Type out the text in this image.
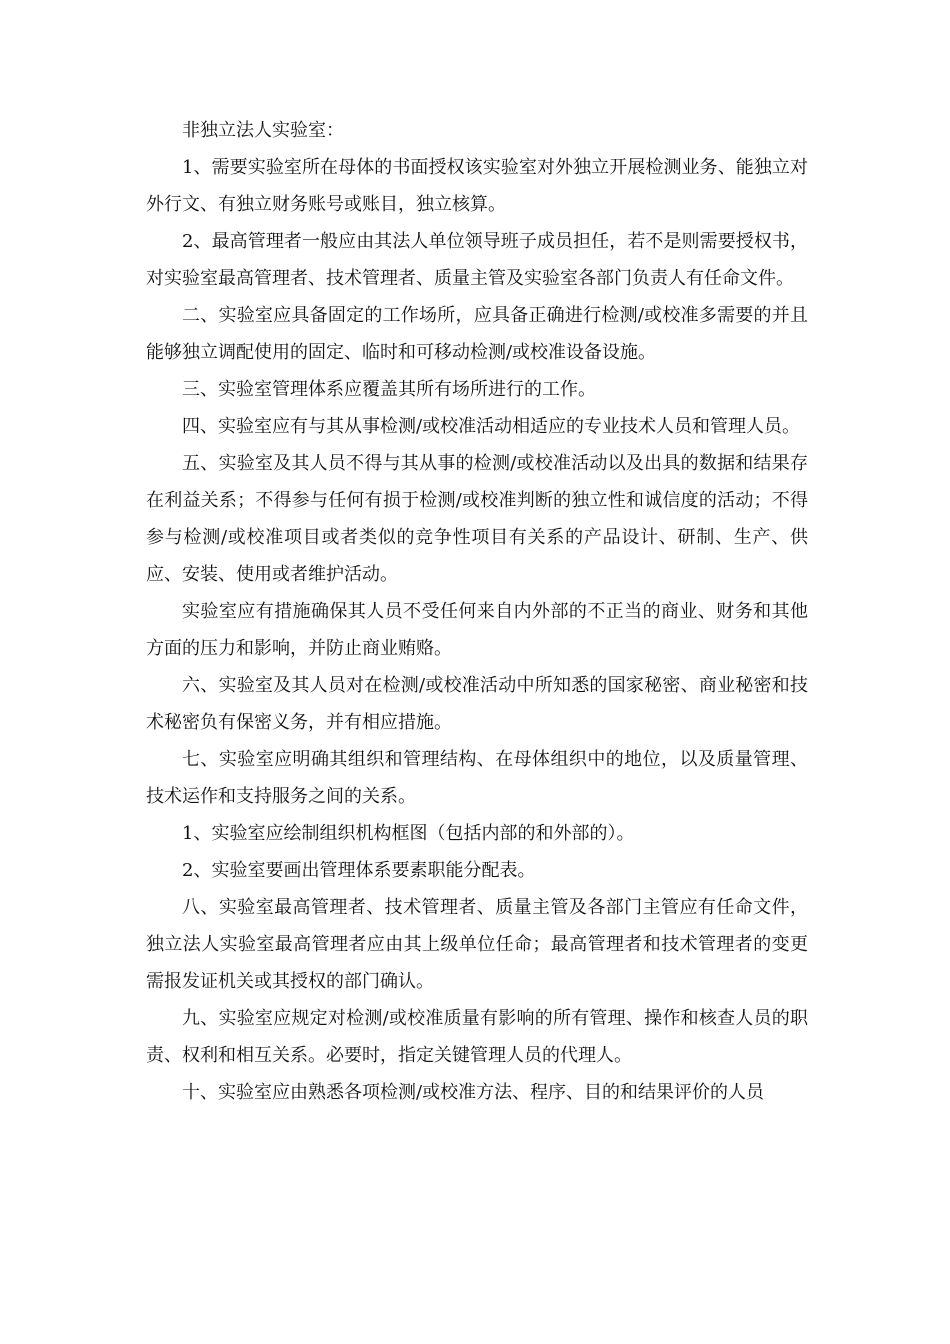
非独立法人实验室：

1、需要实验室所在母体的书面授权该实验室对外独立开展检测业务、能独立对外行文、有独立财务账号或账目，独立核算。

2、最高管理者一般应由其法人单位领导班子成员担任，若不是则需要授权书，对实验室最高管理者、技术管理者、质量主管及实验室各部门负责人有任命文件。

二、实验室应具备固定的工作场所，应具备正确进行检测/或校准多需要的并且能够独立调配使用的固定、临时和可移动检测/或校准设备设施。

三、实验室管理体系应覆盖其所有场所进行的工作。

四、实验室应有与其从事检测/或校准活动相适应的专业技术人员和管理人员。

五、实验室及其人员不得与其从事的检测/或校准活动以及出具的数据和结果存在利益关系；不得参与任何有损于检测/或校准判断的独立性和诚信度的活动；不得参与检测/或校准项目或者类似的竞争性项目有关系的产品设计、研制、生产、供应、安装、使用或者维护活动。

实验室应有措施确保其人员不受任何来自内外部的不正当的商业、财务和其他方面的压力和影响，并防止商业贿赂。

六、实验室及其人员对在检测/或校准活动中所知悉的国家秘密、商业秘密和技术秘密负有保密义务，并有相应措施。

七、实验室应明确其组织和管理结构、在母体组织中的地位，以及质量管理、技术运作和支持服务之间的关系。

1、实验室应绘制组织机构框图（包括内部的和外部的）。

2、实验室要画出管理体系要素职能分配表。

八、实验室最高管理者、技术管理者、质量主管及各部门主管应有任命文件，独立法人实验室最高管理者应由其上级单位任命；最高管理者和技术管理者的变更需报发证机关或其授权的部门确认。

九、实验室应规定对检测/或校准质量有影响的所有管理、操作和核查人员的职责、权利和相互关系。必要时，指定关键管理人员的代理人。

十、实验室应由熟悉各项检测/或校准方法、程序、目的和结果评价的人员
